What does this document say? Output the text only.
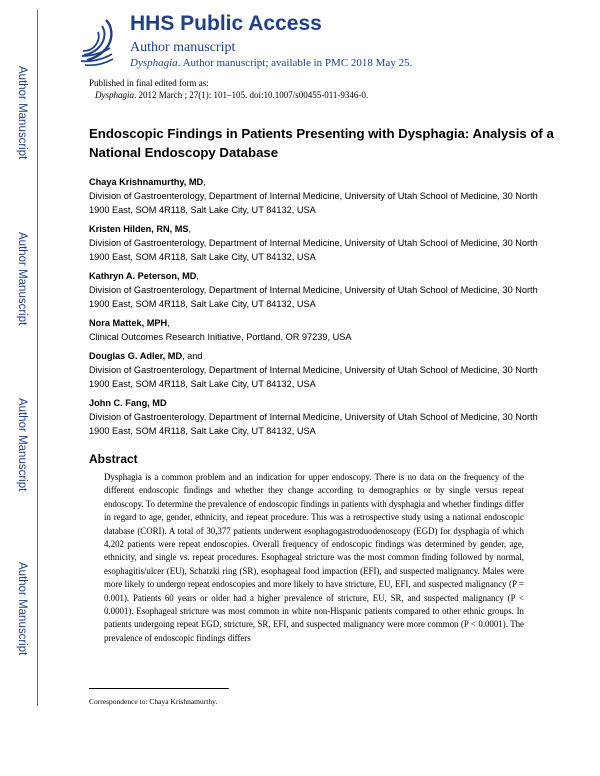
Author Manuscript
Author Manuscript
Author Manuscript
Author Manuscript
HHS Public Access
Author manuscript
Dysphagia. Author manuscript; available in PMC 2018 May 25.
Published in final edited form as:
Dysphagia. 2012 March ; 27(1): 101–105. doi:10.1007/s00455-011-9346-0.
Endoscopic Findings in Patients Presenting with Dysphagia: Analysis of a National Endoscopy Database
Chaya Krishnamurthy, MD,
Division of Gastroenterology, Department of Internal Medicine, University of Utah School of Medicine, 30 North 1900 East, SOM 4R118, Salt Lake City, UT 84132, USA
Kristen Hilden, RN, MS,
Division of Gastroenterology, Department of Internal Medicine, University of Utah School of Medicine, 30 North 1900 East, SOM 4R118, Salt Lake City, UT 84132, USA
Kathryn A. Peterson, MD,
Division of Gastroenterology, Department of Internal Medicine, University of Utah School of Medicine, 30 North 1900 East, SOM 4R118, Salt Lake City, UT 84132, USA
Nora Mattek, MPH,
Clinical Outcomes Research Initiative, Portland, OR 97239, USA
Douglas G. Adler, MD, and
Division of Gastroenterology, Department of Internal Medicine, University of Utah School of Medicine, 30 North 1900 East, SOM 4R118, Salt Lake City, UT 84132, USA
John C. Fang, MD
Division of Gastroenterology, Department of Internal Medicine, University of Utah School of Medicine, 30 North 1900 East, SOM 4R118, Salt Lake City, UT 84132, USA
Abstract
Dysphagia is a common problem and an indication for upper endoscopy. There is no data on the frequency of the different endoscopic findings and whether they change according to demographics or by single versus repeat endoscopy. To determine the prevalence of endoscopic findings in patients with dysphagia and whether findings differ in regard to age, gender, ethnicity, and repeat procedure. This was a retrospective study using a national endoscopic database (CORI). A total of 30,377 patients underwent esophagogastroduodenoscopy (EGD) for dysphagia of which 4,202 patients were repeat endoscopies. Overall frequency of endoscopic findings was determined by gender, age, ethnicity, and single vs. repeat procedures. Esophageal stricture was the most common finding followed by normal, esophagitis/ulcer (EU), Schatzki ring (SR), esophageal food impaction (EFI), and suspected malignancy. Males were more likely to undergo repeat endoscopies and more likely to have stricture, EU, EFI, and suspected malignancy (P = 0.001). Patients 60 years or older had a higher prevalence of stricture, EU, SR, and suspected malignancy (P < 0.0001). Esophageal stricture was most common in white non-Hispanic patients compared to other ethnic groups. In patients undergoing repeat EGD, stricture, SR, EFI, and suspected malignancy were more common (P < 0.0001). The prevalence of endoscopic findings differs
Correspondence to: Chaya Krishnamurthy.
